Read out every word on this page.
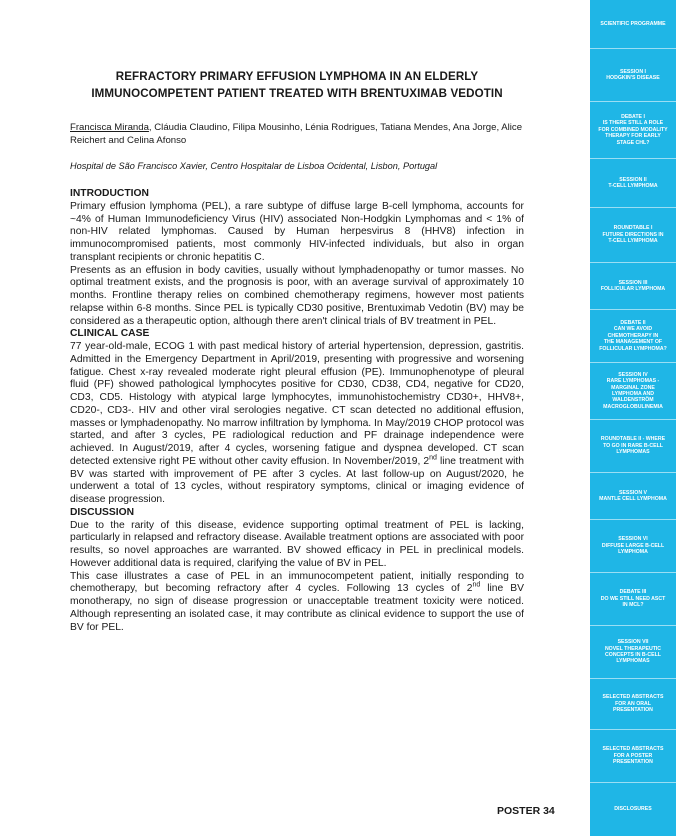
REFRACTORY PRIMARY EFFUSION LYMPHOMA IN AN ELDERLY
IMMUNOCOMPETENT PATIENT TREATED WITH BRENTUXIMAB VEDOTIN
Francisca Miranda, Cláudia Claudino, Filipa Mousinho, Lénia Rodrigues, Tatiana Mendes, Ana Jorge, Alice Reichert and Celina Afonso
Hospital de São Francisco Xavier, Centro Hospitalar de Lisboa Ocidental, Lisbon, Portugal
INTRODUCTION

Primary effusion lymphoma (PEL), a rare subtype of diffuse large B-cell lymphoma, accounts for ~4% of Human Immunodeficiency Virus (HIV) associated Non-Hodgkin Lymphomas and < 1% of non-HIV related lymphomas. Caused by Human herpesvirus 8 (HHV8) infection in immunocompromised patients, most commonly HIV-infected individuals, but also in organ transplant recipients or chronic hepatitis C.

Presents as an effusion in body cavities, usually without lymphadenopathy or tumor masses. No optimal treatment exists, and the prognosis is poor, with an average survival of approximately 10 months. Frontline therapy relies on combined chemotherapy regimens, however most patients relapse within 6-8 months. Since PEL is typically CD30 positive, Brentuximab Vedotin (BV) may be considered as a therapeutic option, although there aren't clinical trials of BV treatment in PEL.

CLINICAL CASE

77 year-old-male, ECOG 1 with past medical history of arterial hypertension, depression, gastritis. Admitted in the Emergency Department in April/2019, presenting with progressive and worsening fatigue. Chest x-ray revealed moderate right pleural effusion (PE). Immunophenotype of pleural fluid (PF) showed pathological lymphocytes positive for CD30, CD38, CD4, negative for CD20, CD3, CD5. Histology with atypical large lymphocytes, immunohistochemistry CD30+, HHV8+, CD20-, CD3-. HIV and other viral serologies negative. CT scan detected no additional effusion, masses or lymphadenopathy. No marrow infiltration by lymphoma. In May/2019 CHOP protocol was started, and after 3 cycles, PE radiological reduction and PF drainage independence were achieved. In August/2019, after 4 cycles, worsening fatigue and dyspnea developed. CT scan detected extensive right PE without other cavity effusion. In November/2019, 2nd line treatment with BV was started with improvement of PE after 3 cycles. At last follow-up on August/2020, he underwent a total of 13 cycles, without respiratory symptoms, clinical or imaging evidence of disease progression.

DISCUSSION

Due to the rarity of this disease, evidence supporting optimal treatment of PEL is lacking, particularly in relapsed and refractory disease. Available treatment options are associated with poor results, so novel approaches are warranted. BV showed efficacy in PEL in preclinical models. However additional data is required, clarifying the value of BV in PEL.

This case illustrates a case of PEL in an immunocompetent patient, initially responding to chemotherapy, but becoming refractory after 4 cycles. Following 13 cycles of 2nd line BV monotherapy, no sign of disease progression or unacceptable treatment toxicity were noticed. Although representing an isolated case, it may contribute as clinical evidence to support the use of BV for PEL.

POSTER 34
SCIENTIFIC PROGRAMME
SESSION I
HODGKIN'S DISEASE
DEBATE I
IS THERE STILL A ROLE
FOR COMBINED MODALITY
THERAPY FOR EARLY
STAGE CHL?
SESSION II
T-CELL LYMPHOMA
ROUNDTABLE I
FUTURE DIRECTIONS IN
T-CELL LYMPHOMA
SESSION III
FOLLICULAR LYMPHOMA
DEBATE II
CAN WE AVOID
CHEMOTHERAPY IN
THE MANAGEMENT OF
FOLLICULAR LYMPHOMA?
SESSION IV
RARE LYMPHOMAS -
MARGINAL ZONE
LYMPHOMA AND
WALDENSTRÖM
MACROGLOBULINEMIA
ROUNDTABLE II - WHERE
TO GO IN RARE B-CELL
LYMPHOMAS
SESSION V
MANTLE CELL LYMPHOMA
SESSION VI
DIFFUSE LARGE B-CELL
LYMPHOMA
DEBATE III
DO WE STILL NEED ASCT
IN MCL?
SESSION VII
NOVEL THERAPEUTIC
CONCEPTS IN B-CELL
LYMPHOMAS
SELECTED ABSTRACTS
FOR AN ORAL
PRESENTATION
SELECTED ABSTRACTS
FOR A POSTER
PRESENTATION
DISCLOSURES
